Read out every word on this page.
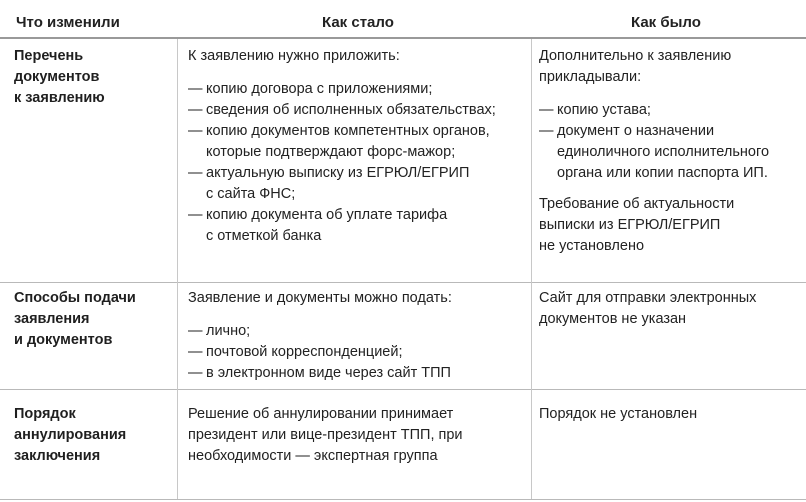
Что изменили	Как стало	Как было
Перечень
документов
к заявлению
К заявлению нужно приложить:
— копию договора с приложениями;
— сведения об исполненных обязательствах;
— копию документов компетентных органов,
которые подтверждают форс-мажор;
— актуальную выписку из ЕГРЮЛ/ЕГРИП
с сайта ФНС;
— копию документа об уплате тарифа
с отметкой банка
Дополнительно к заявлению
прикладывали:
— копию устава;
— документ о назначении
единоличного исполнительного
органа или копии паспорта ИП.
Требование об актуальности
выписки из ЕГРЮЛ/ЕГРИП
не установлено
Способы подачи
заявления
и документов
Заявление и документы можно подать:
— лично;
— почтовой корреспонденцией;
— в электронном виде через сайт ТПП
Сайт для отправки электронных
документов не указан
Порядок
аннулирования
заключения
Решение об аннулировании принимает
президент или вице-президент ТПП, при
необходимости — экспертная группа
Порядок не установлен
